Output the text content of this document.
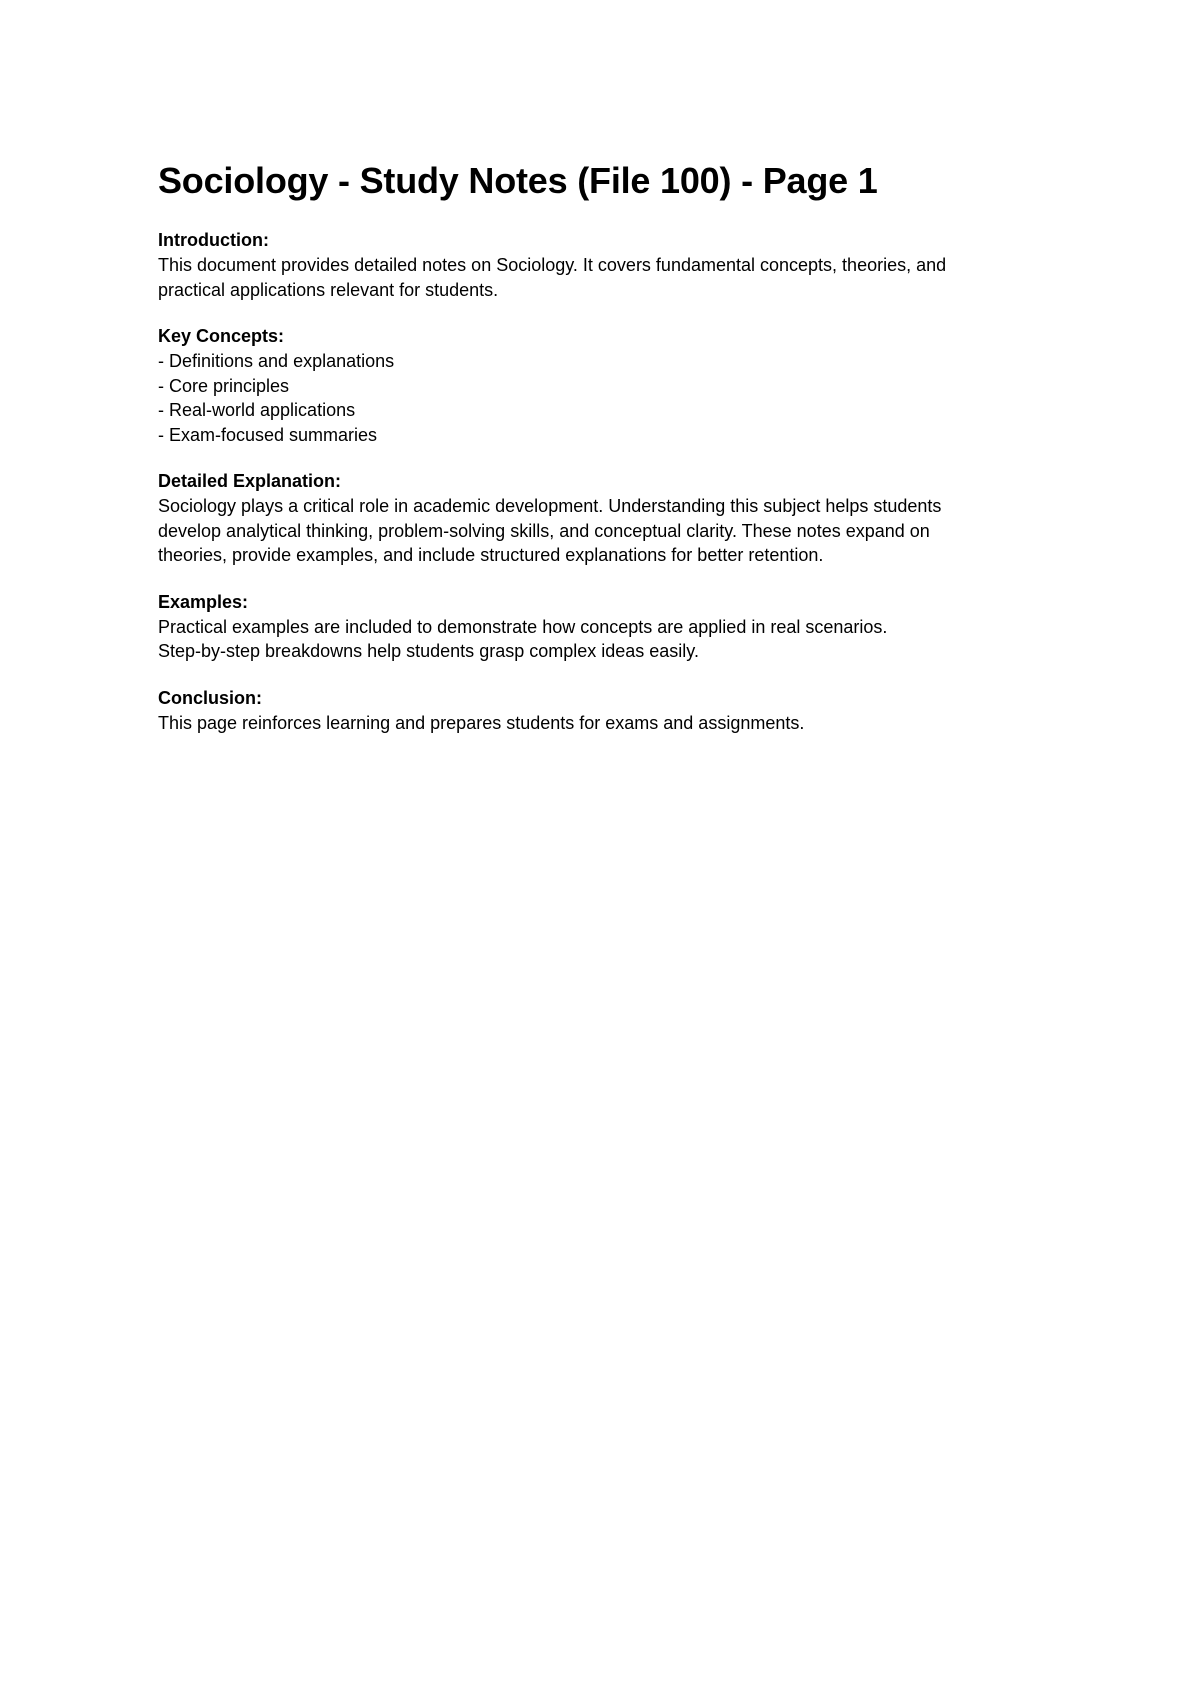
Sociology - Study Notes (File 100) - Page 1

Introduction:

This document provides detailed notes on Sociology. It covers fundamental concepts, theories, and
practical applications relevant for students.

Key Concepts:

- Definitions and explanations
- Core principles
- Real-world applications
- Exam-focused summaries

Detailed Explanation:

Sociology plays a critical role in academic development. Understanding this subject helps students
develop analytical thinking, problem-solving skills, and conceptual clarity. These notes expand on
theories, provide examples, and include structured explanations for better retention.

Examples:

Practical examples are included to demonstrate how concepts are applied in real scenarios.
Step-by-step breakdowns help students grasp complex ideas easily.

Conclusion:

This page reinforces learning and prepares students for exams and assignments.
